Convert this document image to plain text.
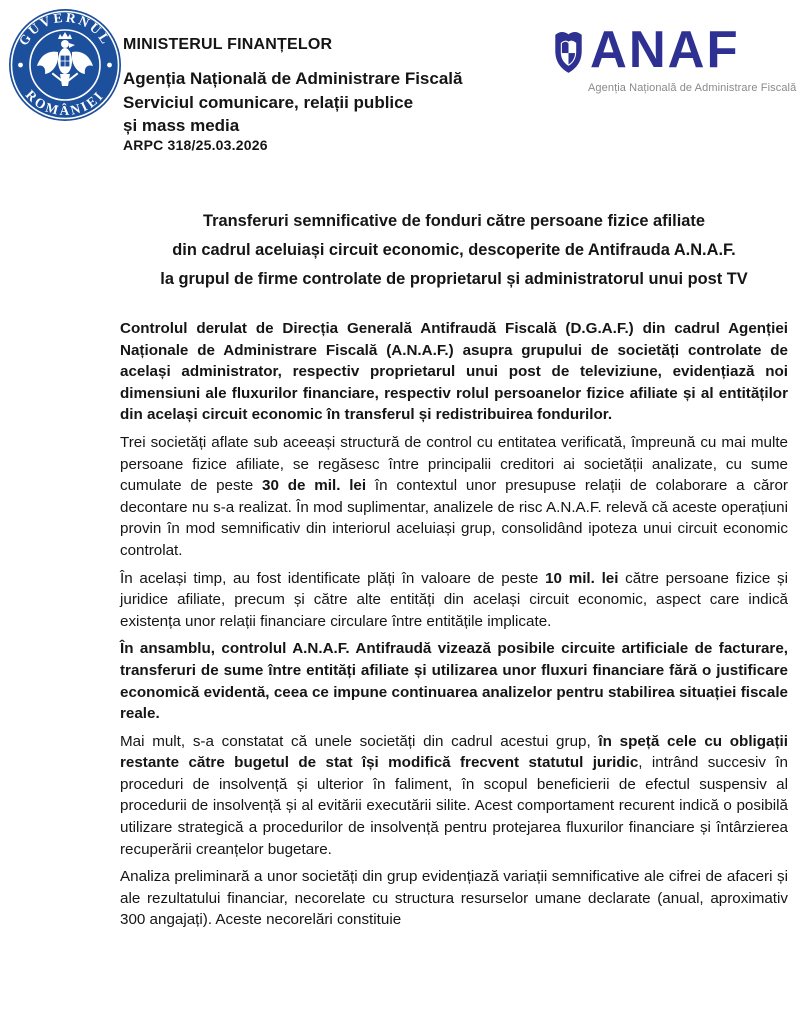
GUVERNUL
ROMÂNIEI
MINISTERUL FINANȚELOR
Agenția Națională de Administrare Fiscală
Serviciul comunicare, relații publice
și mass media
ARPC 318/25.03.2026
ANAF
Agenția Națională de Administrare Fiscală
Transferuri semnificative de fonduri către persoane fizice afiliate
din cadrul aceluiași circuit economic, descoperite de Antifrauda A.N.A.F.
la grupul de firme controlate de proprietarul și administratorul unui post TV

Controlul derulat de Direcția Generală Antifraudă Fiscală (D.G.A.F.) din cadrul Agenției Naționale de Administrare Fiscală (A.N.A.F.) asupra grupului de societăți controlate de același administrator, respectiv proprietarul unui post de televiziune, evidențiază noi dimensiuni ale fluxurilor financiare, respectiv rolul persoanelor fizice afiliate și al entităților din același circuit economic în transferul și redistribuirea fondurilor.

Trei societăți aflate sub aceeași structură de control cu entitatea verificată, împreună cu mai multe persoane fizice afiliate, se regăsesc între principalii creditori ai societății analizate, cu sume cumulate de peste 30 de mil. lei în contextul unor presupuse relații de colaborare a căror decontare nu s-a realizat. În mod suplimentar, analizele de risc A.N.A.F. relevă că aceste operațiuni provin în mod semnificativ din interiorul aceluiași grup, consolidând ipoteza unui circuit economic controlat.

În același timp, au fost identificate plăți în valoare de peste 10 mil. lei către persoane fizice și juridice afiliate, precum și către alte entități din același circuit economic, aspect care indică existența unor relații financiare circulare între entitățile implicate.

În ansamblu, controlul A.N.A.F. Antifraudă vizează posibile circuite artificiale de facturare, transferuri de sume între entități afiliate și utilizarea unor fluxuri financiare fără o justificare economică evidentă, ceea ce impune continuarea analizelor pentru stabilirea situației fiscale reale.

Mai mult, s-a constatat că unele societăți din cadrul acestui grup, în speță cele cu obligații restante către bugetul de stat își modifică frecvent statutul juridic, intrând succesiv în proceduri de insolvență și ulterior în faliment, în scopul beneficierii de efectul suspensiv al procedurii de insolvență și al evitării executării silite. Acest comportament recurent indică o posibilă utilizare strategică a procedurilor de insolvență pentru protejarea fluxurilor financiare și întârzierea recuperării creanțelor bugetare.

Analiza preliminară a unor societăți din grup evidențiază variații semnificative ale cifrei de afaceri și ale rezultatului financiar, necorelate cu structura resurselor umane declarate (anual, aproximativ 300 angajați). Aceste necorelări constituie
